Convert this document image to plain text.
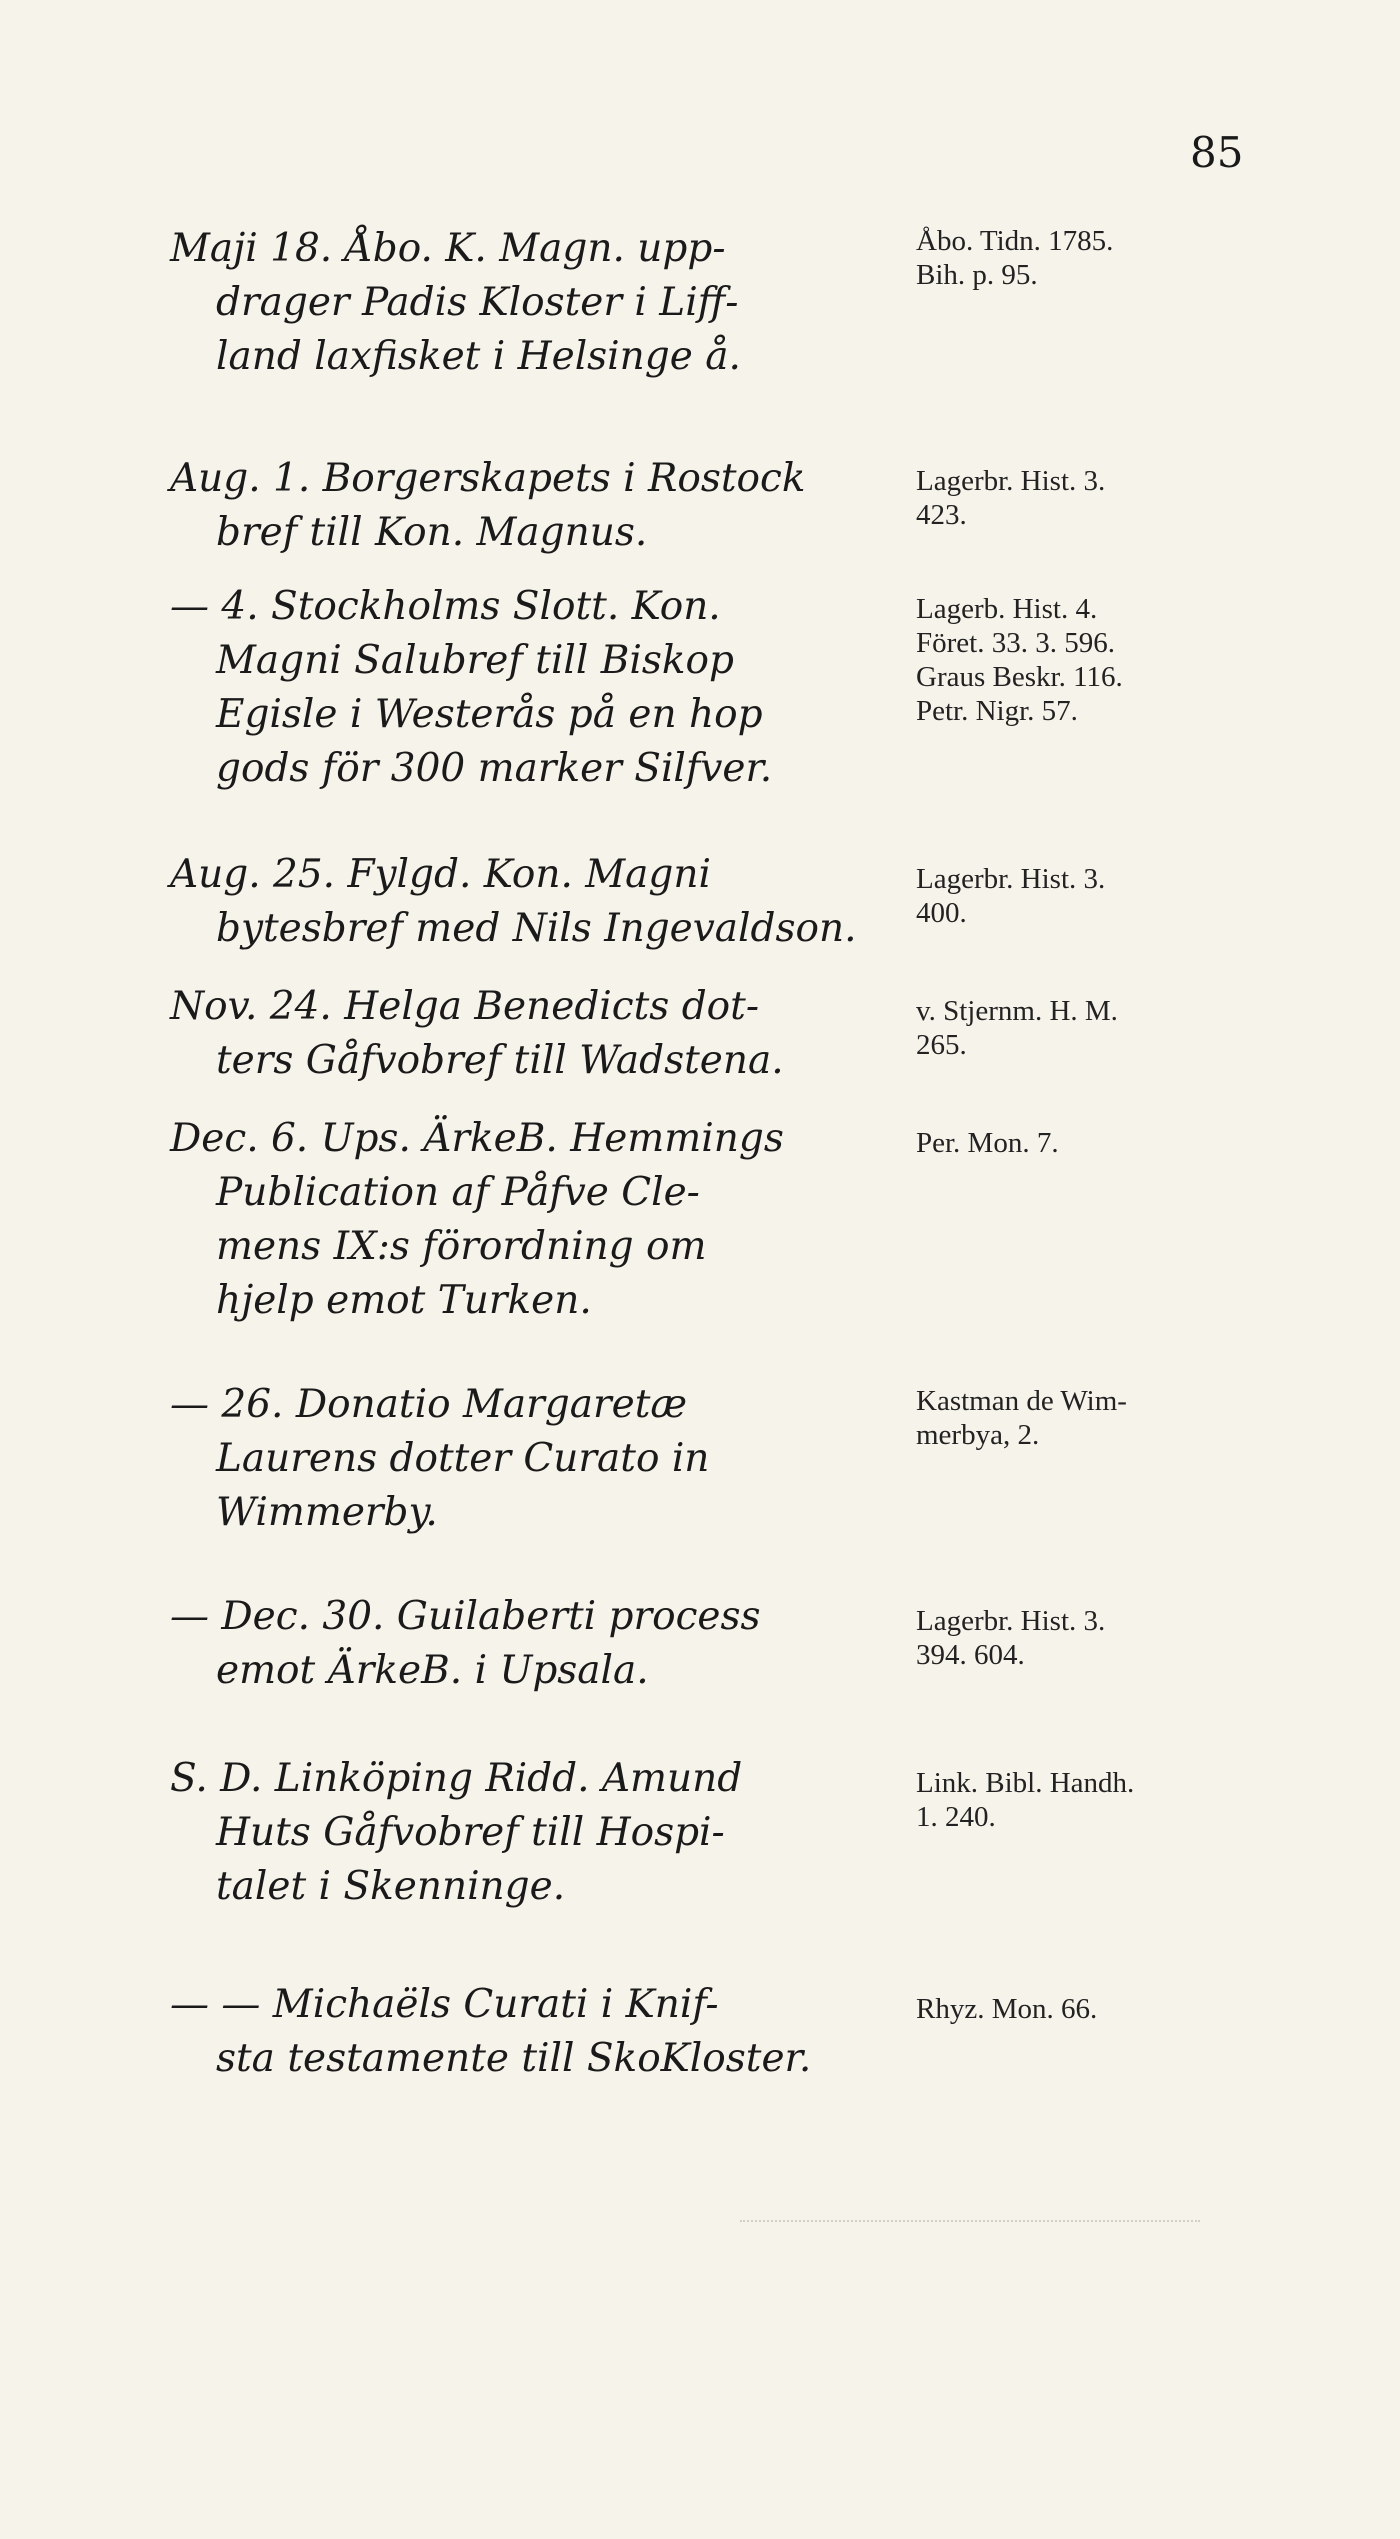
85
Maji 18. Åbo. K. Magn. upp-
drager Padis Kloster i Liff-
land laxfisket i Helsinge å.
Åbo. Tidn. 1785.
Bih. p. 95.
Aug. 1. Borgerskapets i Rostock
bref till Kon. Magnus.
Lagerbr. Hist. 3.
423.
— 4. Stockholms Slott. Kon.
Magni Salubref till Biskop
Egisle i Westerås på en hop
gods för 300 marker Silfver.
Lagerb. Hist. 4.
Föret. 33. 3. 596.
Graus Beskr. 116.
Petr. Nigr. 57.
Aug. 25. Fylgd. Kon. Magni
bytesbref med Nils Ingevaldson.
Lagerbr. Hist. 3.
400.
Nov. 24. Helga Benedicts dot-
ters Gåfvobref till Wadstena.
v. Stjernm. H. M.
265.
Dec. 6. Ups. ÄrkeB. Hemmings
Publication af Påfve Cle-
mens IX:s förordning om
hjelp emot Turken.
Per. Mon. 7.
— 26. Donatio Margaretæ
Laurens dotter Curato in
Wimmerby.
Kastman de Wim-
merbya, 2.
— Dec. 30. Guilaberti process
emot ÄrkeB. i Upsala.
Lagerbr. Hist. 3.
394. 604.
S. D. Linköping Ridd. Amund
Huts Gåfvobref till Hospi-
talet i Skenninge.
Link. Bibl. Handh.
1. 240.
— — Michaëls Curati i Knif-
sta testamente till SkoKloster.
Rhyz. Mon. 66.
